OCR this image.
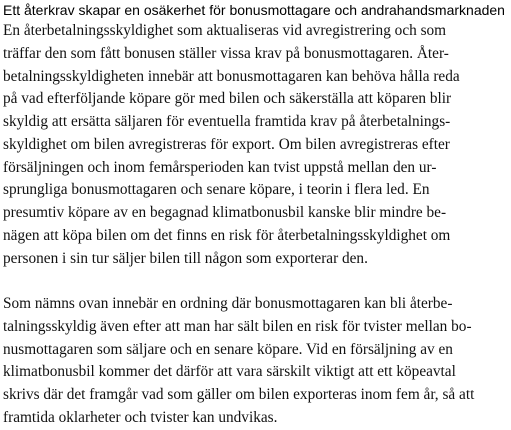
Ett återkrav skapar en osäkerhet för bonusmottagare och andrahandsmarknaden

En återbetalningsskyldighet som aktualiseras vid avregistrering och som
träffar den som fått bonusen ställer vissa krav på bonusmottagaren. Åter-
betalningsskyldigheten innebär att bonusmottagaren kan behöva hålla reda
på vad efterföljande köpare gör med bilen och säkerställa att köparen blir
skyldig att ersätta säljaren för eventuella framtida krav på återbetalnings-
skyldighet om bilen avregistreras för export. Om bilen avregistreras efter
försäljningen och inom femårsperioden kan tvist uppstå mellan den ur-
sprungliga bonusmottagaren och senare köpare, i teorin i flera led. En
presumtiv köpare av en begagnad klimatbonusbil kanske blir mindre be-
nägen att köpa bilen om det finns en risk för återbetalningsskyldighet om
personen i sin tur säljer bilen till någon som exporterar den.

Som nämns ovan innebär en ordning där bonusmottagaren kan bli återbe-
talningsskyldig även efter att man har sält bilen en risk för tvister mellan bo-
nusmottagaren som säljare och en senare köpare. Vid en försäljning av en
klimatbonusbil kommer det därför att vara särskilt viktigt att ett köpeavtal
skrivs där det framgår vad som gäller om bilen exporteras inom fem år, så att
framtida oklarheter och tvister kan undvikas.
